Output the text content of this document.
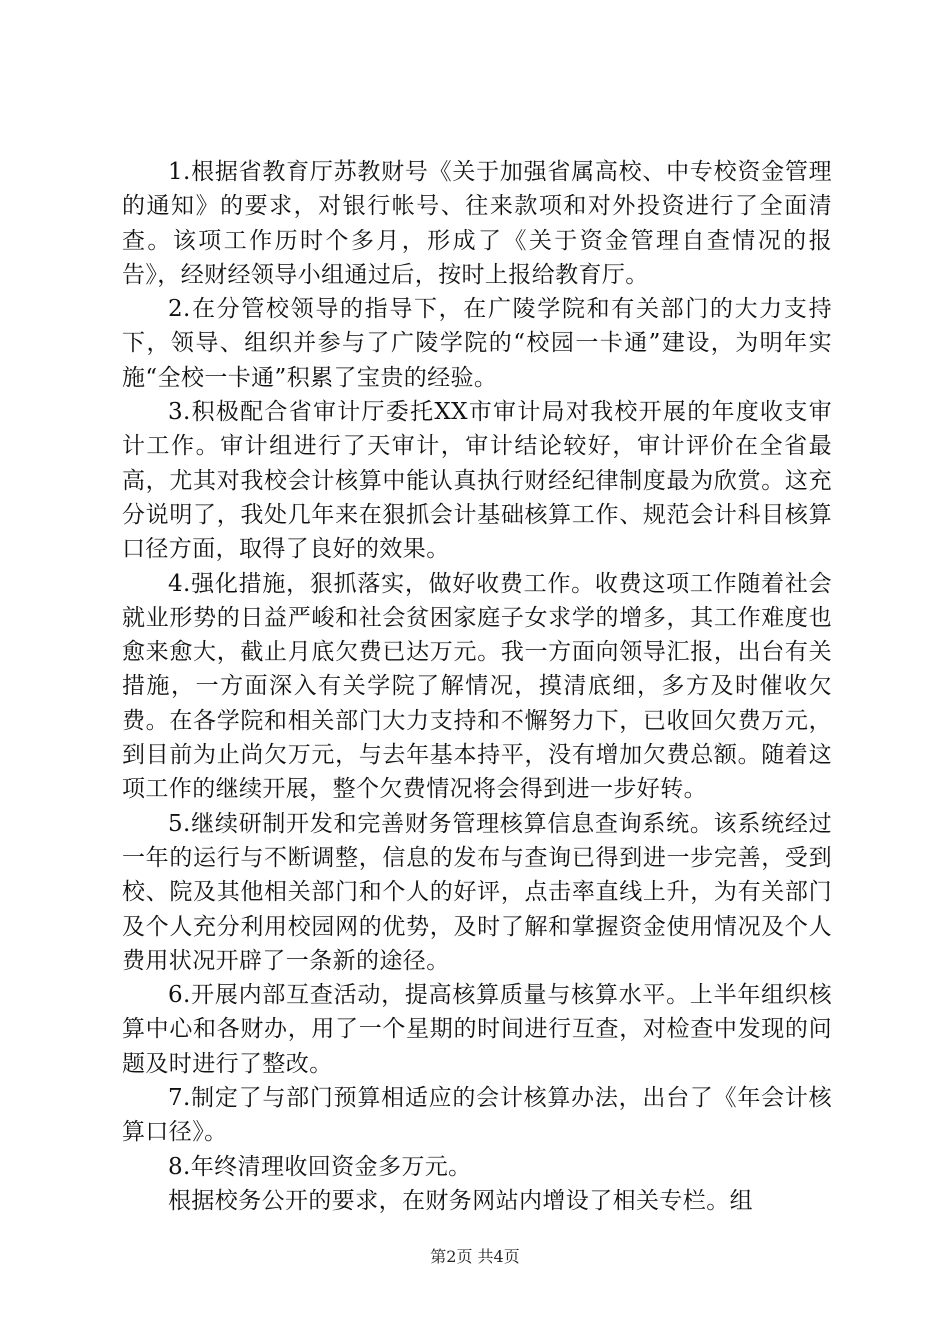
1.根据省教育厅苏教财号《关于加强省属高校、中专校资金管理的通知》的要求，对银行帐号、往来款项和对外投资进行了全面清查。该项工作历时个多月，形成了《关于资金管理自查情况的报告》，经财经领导小组通过后，按时上报给教育厅。

2.在分管校领导的指导下，在广陵学院和有关部门的大力支持下，领导、组织并参与了广陵学院的“校园一卡通”建设，为明年实施“全校一卡通”积累了宝贵的经验。

3.积极配合省审计厅委托XX市审计局对我校开展的年度收支审计工作。审计组进行了天审计，审计结论较好，审计评价在全省最高，尤其对我校会计核算中能认真执行财经纪律制度最为欣赏。这充分说明了，我处几年来在狠抓会计基础核算工作、规范会计科目核算口径方面，取得了良好的效果。

4.强化措施，狠抓落实，做好收费工作。收费这项工作随着社会就业形势的日益严峻和社会贫困家庭子女求学的增多，其工作难度也愈来愈大，截止月底欠费已达万元。我一方面向领导汇报，出台有关措施，一方面深入有关学院了解情况，摸清底细，多方及时催收欠费。在各学院和相关部门大力支持和不懈努力下，已收回欠费万元，到目前为止尚欠万元，与去年基本持平，没有增加欠费总额。随着这项工作的继续开展，整个欠费情况将会得到进一步好转。

5.继续研制开发和完善财务管理核算信息查询系统。该系统经过一年的运行与不断调整，信息的发布与查询已得到进一步完善，受到校、院及其他相关部门和个人的好评，点击率直线上升，为有关部门及个人充分利用校园网的优势，及时了解和掌握资金使用情况及个人费用状况开辟了一条新的途径。

6.开展内部互查活动，提高核算质量与核算水平。上半年组织核算中心和各财办，用了一个星期的时间进行互查，对检查中发现的问题及时进行了整改。

7.制定了与部门预算相适应的会计核算办法，出台了《年会计核算口径》。

8.年终清理收回资金多万元。

根据校务公开的要求，在财务网站内增设了相关专栏。组

第2页 共4页
